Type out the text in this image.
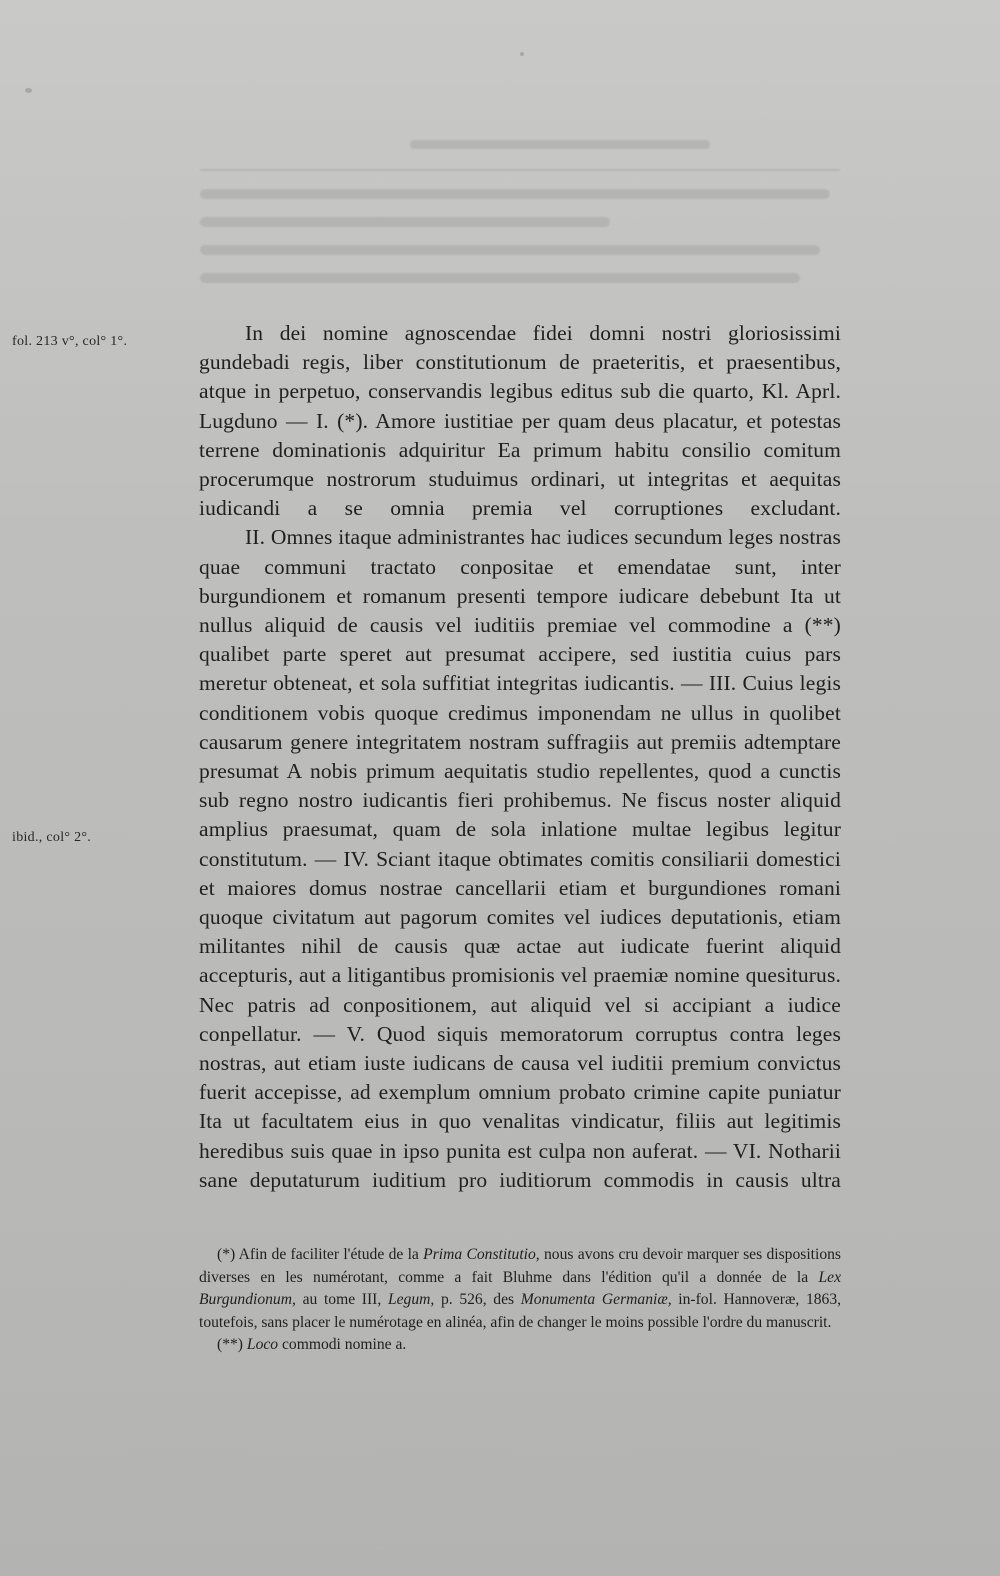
fol. 213 v°, col° 1°.
ibid., col° 2°.

In dei nomine agnoscendae fidei domni nostri gloriosissimi gundebadi regis, liber constitutionum de praeteritis, et praesentibus, atque in perpetuo, conservandis legibus editus sub die quarto, Kl. Aprl. Lugduno — I. (*). Amore iustitiae per quam deus placatur, et potestas terrene dominationis adquiritur Ea primum habitu consilio comitum procerumque nostrorum studuimus ordinari, ut integritas et aequitas iudicandi a se omnia premia vel corruptiones excludant.

II. Omnes itaque administrantes hac iudices secundum leges nostras quae communi tractato conpositae et emendatae sunt, inter burgundionem et romanum presenti tempore iudicare debebunt Ita ut nullus aliquid de causis vel iuditiis premiae vel commodine a (**) qualibet parte speret aut presumat accipere, sed iustitia cuius pars meretur obteneat, et sola suffitiat integritas iudicantis. — III. Cuius legis conditionem vobis quoque credimus imponendam ne ullus in quolibet causarum genere integritatem nostram suffragiis aut premiis adtemptare presumat A nobis primum aequitatis studio repellentes, quod a cunctis sub regno nostro iudicantis fieri prohibemus. Ne fiscus noster aliquid amplius praesumat, quam de sola inlatione multae legibus legitur constitutum. — IV. Sciant itaque obtimates comitis consiliarii domestici et maiores domus nostrae cancellarii etiam et burgundiones romani quoque civitatum aut pagorum comites vel iudices deputationis, etiam militantes nihil de causis quæ actae aut iudicate fuerint aliquid accepturis, aut a litigantibus promisionis vel praemiæ nomine quesiturus. Nec patris ad conpositionem, aut aliquid vel si accipiant a iudice conpellatur. — V. Quod siquis memoratorum corruptus contra leges nostras, aut etiam iuste iudicans de causa vel iuditii premium convictus fuerit accepisse, ad exemplum omnium probato crimine capite puniatur Ita ut facultatem eius in quo venalitas vindicatur, filiis aut legitimis heredibus suis quae in ipso punita est culpa non auferat. — VI. Notharii sane deputaturum iuditium pro iuditiorum commodis in causis ultra

(*) Afin de faciliter l'étude de la Prima Constitutio, nous avons cru devoir marquer ses dispositions diverses en les numérotant, comme a fait Bluhme dans l'édition qu'il a donnée de la Lex Burgundionum, au tome III, Legum, p. 526, des Monumenta Germaniæ, in-fol. Hannoveræ, 1863, toutefois, sans placer le numérotage en alinéa, afin de changer le moins possible l'ordre du manuscrit.

(**) Loco commodi nomine a.
